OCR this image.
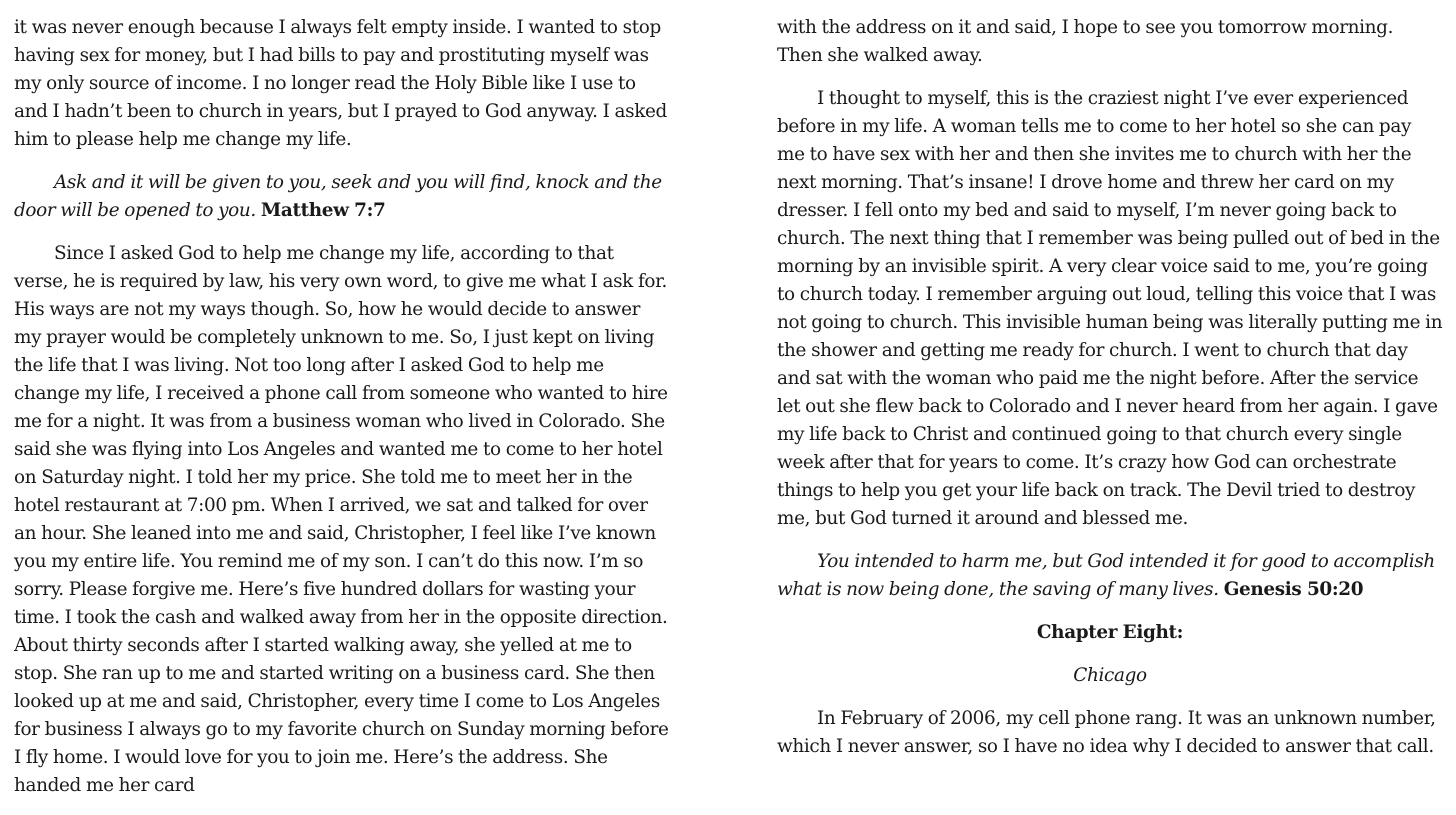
it was never enough because I always felt empty inside. I wanted to stop having sex for money, but I had bills to pay and prostituting myself was my only source of income. I no longer read the Holy Bible like I use to and I hadn’t been to church in years, but I prayed to God anyway. I asked him to please help me change my life.

Ask and it will be given to you, seek and you will find, knock and the door will be opened to you. Matthew 7:7

Since I asked God to help me change my life, according to that verse, he is required by law, his very own word, to give me what I ask for. His ways are not my ways though. So, how he would decide to answer my prayer would be completely unknown to me. So, I just kept on living the life that I was living. Not too long after I asked God to help me change my life, I received a phone call from someone who wanted to hire me for a night. It was from a business woman who lived in Colorado. She said she was flying into Los Angeles and wanted me to come to her hotel on Saturday night. I told her my price. She told me to meet her in the hotel restaurant at 7:00 pm. When I arrived, we sat and talked for over an hour. She leaned into me and said, Christopher, I feel like I’ve known you my entire life. You remind me of my son. I can’t do this now. I’m so sorry. Please forgive me. Here’s five hundred dollars for wasting your time. I took the cash and walked away from her in the opposite direction. About thirty seconds after I started walking away, she yelled at me to stop. She ran up to me and started writing on a business card. She then looked up at me and said, Christopher, every time I come to Los Angeles for business I always go to my favorite church on Sunday morning before I fly home. I would love for you to join me. Here’s the address. She handed me her card

with the address on it and said, I hope to see you tomorrow morning. Then she walked away.

I thought to myself, this is the craziest night I’ve ever experienced before in my life. A woman tells me to come to her hotel so she can pay me to have sex with her and then she invites me to church with her the next morning. That’s insane! I drove home and threw her card on my dresser. I fell onto my bed and said to myself, I’m never going back to church. The next thing that I remember was being pulled out of bed in the morning by an invisible spirit. A very clear voice said to me, you’re going to church today. I remember arguing out loud, telling this voice that I was not going to church. This invisible human being was literally putting me in the shower and getting me ready for church. I went to church that day and sat with the woman who paid me the night before. After the service let out she flew back to Colorado and I never heard from her again. I gave my life back to Christ and continued going to that church every single week after that for years to come. It’s crazy how God can orchestrate things to help you get your life back on track. The Devil tried to destroy me, but God turned it around and blessed me.

You intended to harm me, but God intended it for good to accomplish what is now being done, the saving of many lives. Genesis 50:20

Chapter Eight:
Chicago

In February of 2006, my cell phone rang. It was an unknown number, which I never answer, so I have no idea why I decided to answer that call.
